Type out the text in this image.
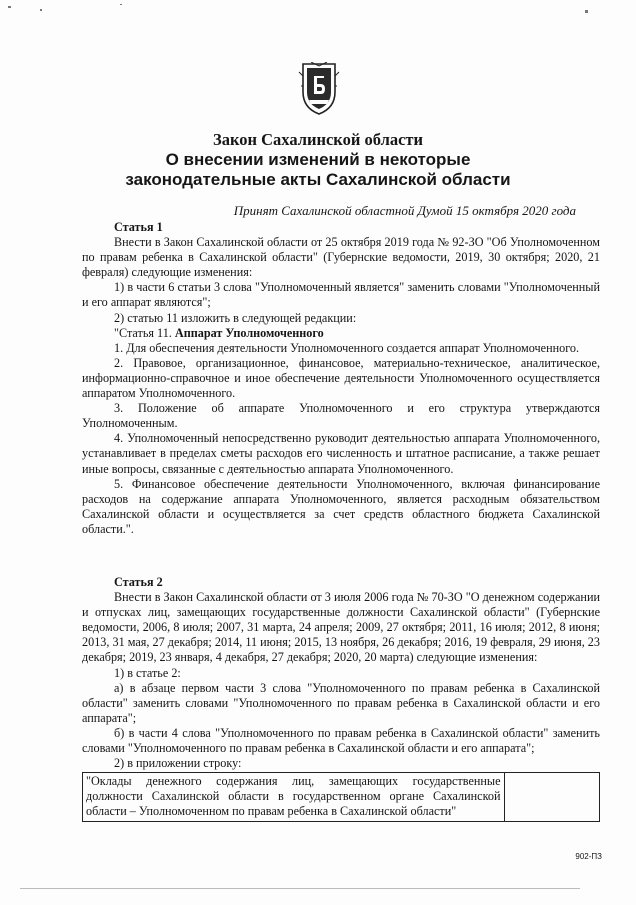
Закон Сахалинской области
О внесении изменений в некоторые
законодательные акты Сахалинской области
Принят Сахалинской областной Думой 15 октября 2020 года
Статья 1

Внести в Закон Сахалинской области от 25 октября 2019 года № 92-ЗО "Об Уполномоченном по правам ребенка в Сахалинской области" (Губернские ведомости, 2019, 30 октября; 2020, 21 февраля) следующие изменения:

1) в части 6 статьи 3 слова "Уполномоченный является" заменить словами "Уполномоченный и его аппарат являются";

2) статью 11 изложить в следующей редакции:

"Статья 11. Аппарат Уполномоченного

1. Для обеспечения деятельности Уполномоченного создается аппарат Уполномоченного.

2. Правовое, организационное, финансовое, материально-техническое, аналитическое, информационно-справочное и иное обеспечение деятельности Уполномоченного осуществляется аппаратом Уполномоченного.

3. Положение об аппарате Уполномоченного и его структура утверждаются Уполномоченным.

4. Уполномоченный непосредственно руководит деятельностью аппарата Уполномоченного, устанавливает в пределах сметы расходов его численность и штатное расписание, а также решает иные вопросы, связанные с деятельностью аппарата Уполномоченного.

5. Финансовое обеспечение деятельности Уполномоченного, включая финансирование расходов на содержание аппарата Уполномоченного, является расходным обязательством Сахалинской области и осуществляется за счет средств областного бюджета Сахалинской области.".

Статья 2

Внести в Закон Сахалинской области от 3 июля 2006 года № 70-ЗО "О денежном содержании и отпусках лиц, замещающих государственные должности Сахалинской области" (Губернские ведомости, 2006, 8 июля; 2007, 31 марта, 24 апреля; 2009, 27 октября; 2011, 16 июля; 2012, 8 июня; 2013, 31 мая, 27 декабря; 2014, 11 июня; 2015, 13 ноября, 26 декабря; 2016, 19 февраля, 29 июня, 23 декабря; 2019, 23 января, 4 декабря, 27 декабря; 2020, 20 марта) следующие изменения:

1) в статье 2:

а) в абзаце первом части 3 слова "Уполномоченного по правам ребенка в Сахалинской области" заменить словами "Уполномоченного по правам ребенка в Сахалинской области и его аппарата";

б) в части 4 слова "Уполномоченного по правам ребенка в Сахалинской области" заменить словами "Уполномоченного по правам ребенка в Сахалинской области и его аппарата";

2) в приложении строку:

"Оклады денежного содержания лиц, замещающих государственные должности Сахалинской области в государственном органе Сахалинской области – Уполномоченном по правам ребенка в Сахалинской области"	
902-ПЗ
